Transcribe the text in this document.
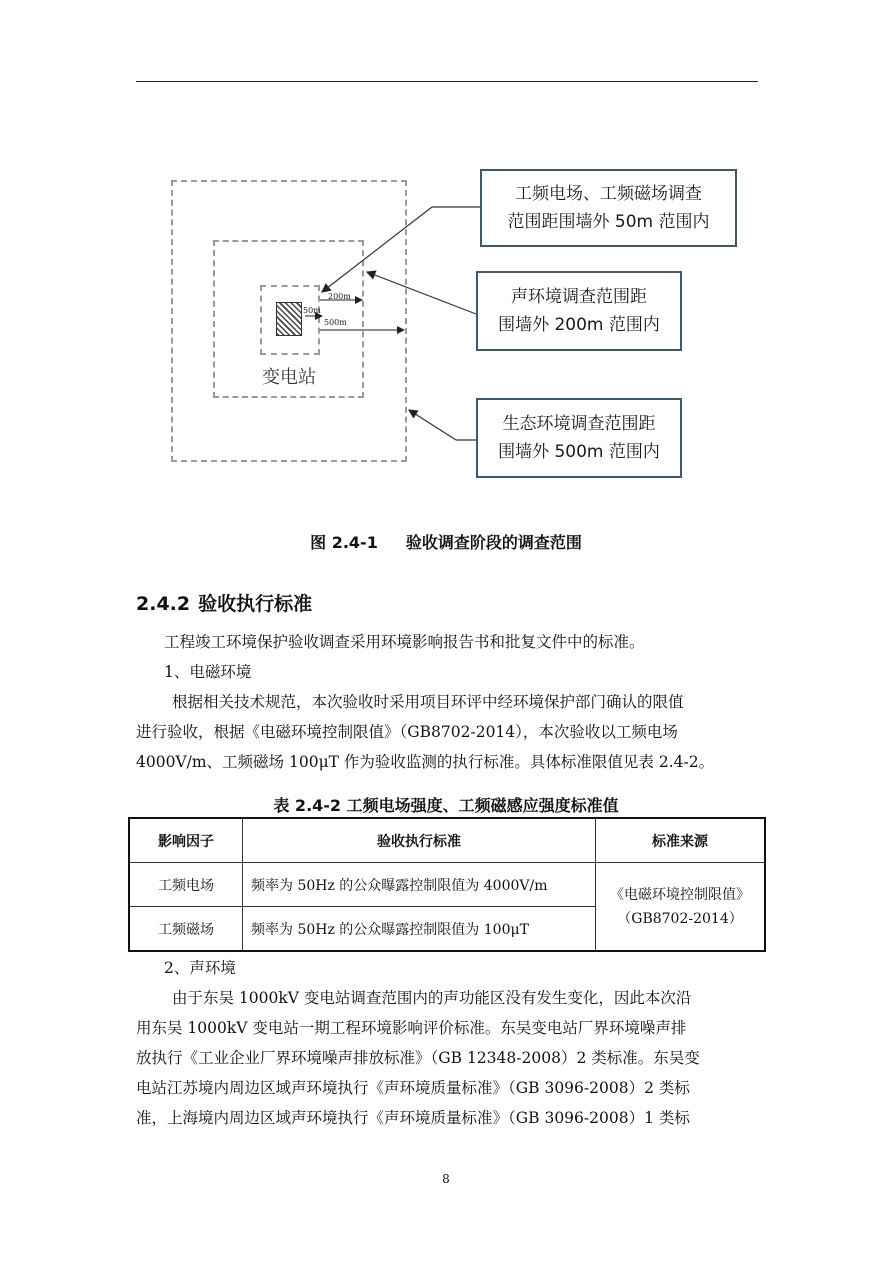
变电站
50m
200m
500m
工频电场、工频磁场调查
范围距围墙外 50m 范围内
声环境调查范围距
围墙外 200m 范围内
生态环境调查范围距
围墙外 500m 范围内
图 2.4-1 验收调查阶段的调查范围
2.4.2 验收执行标准
工程竣工环境保护验收调查采用环境影响报告书和批复文件中的标准。
1、电磁环境
根据相关技术规范，本次验收时采用项目环评中经环境保护部门确认的限值
进行验收，根据《电磁环境控制限值》（GB8702-2014），本次验收以工频电场
4000V/m、工频磁场 100μT 作为验收监测的执行标准。具体标准限值见表 2.4-2。
表 2.4-2 工频电场强度、工频磁感应强度标准值
影响因子	验收执行标准	标准来源
工频电场	频率为 50Hz 的公众曝露控制限值为 4000V/m	《电磁环境控制限值》
（GB8702-2014）

工频磁场	频率为 50Hz 的公众曝露控制限值为 100μT	
2、声环境
由于东吴 1000kV 变电站调查范围内的声功能区没有发生变化，因此本次沿
用东吴 1000kV 变电站一期工程环境影响评价标准。东吴变电站厂界环境噪声排
放执行《工业企业厂界环境噪声排放标准》（GB 12348-2008）2 类标准。东吴变
电站江苏境内周边区域声环境执行《声环境质量标准》（GB 3096-2008）2 类标
准，上海境内周边区域声环境执行《声环境质量标准》（GB 3096-2008）1 类标
8
